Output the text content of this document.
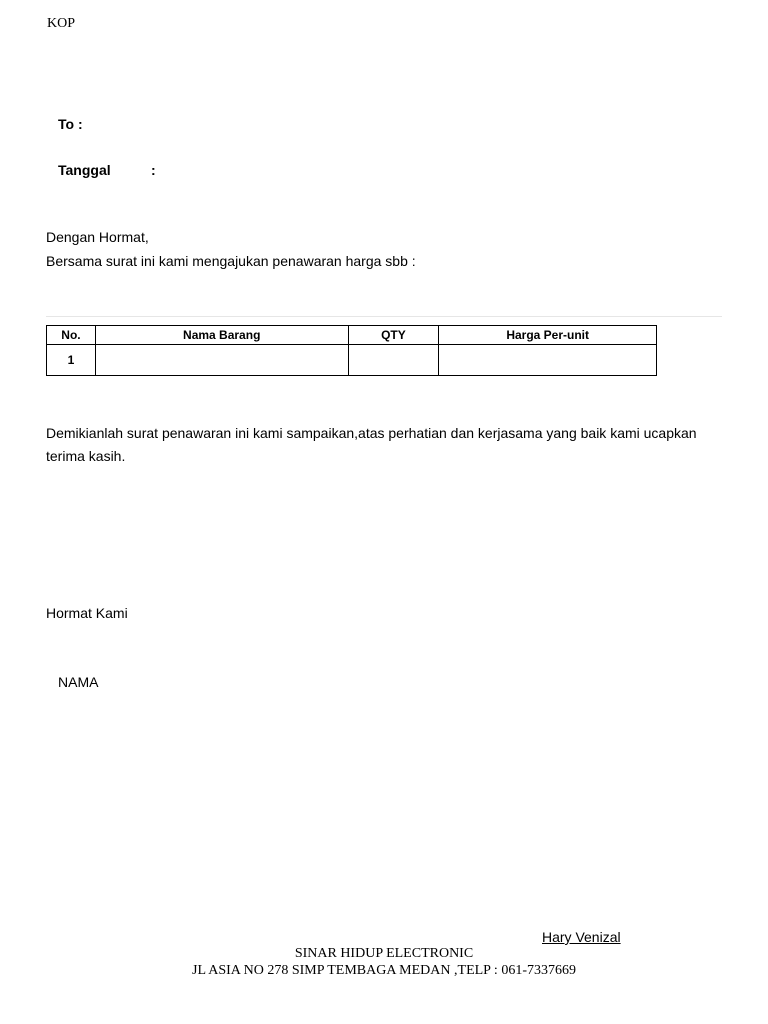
KOP
To :
Tanggal	:
Dengan Hormat,
Bersama surat ini kami mengajukan penawaran harga sbb :
No.	Nama Barang	QTY	Harga Per-unit
1			
Demikianlah surat penawaran ini kami sampaikan,atas perhatian dan kerjasama yang baik kami ucapkan terima kasih.
Hormat Kami
NAMA
Hary Venizal
SINAR HIDUP ELECTRONIC
JL ASIA NO 278 SIMP TEMBAGA MEDAN ,TELP : 061-7337669
